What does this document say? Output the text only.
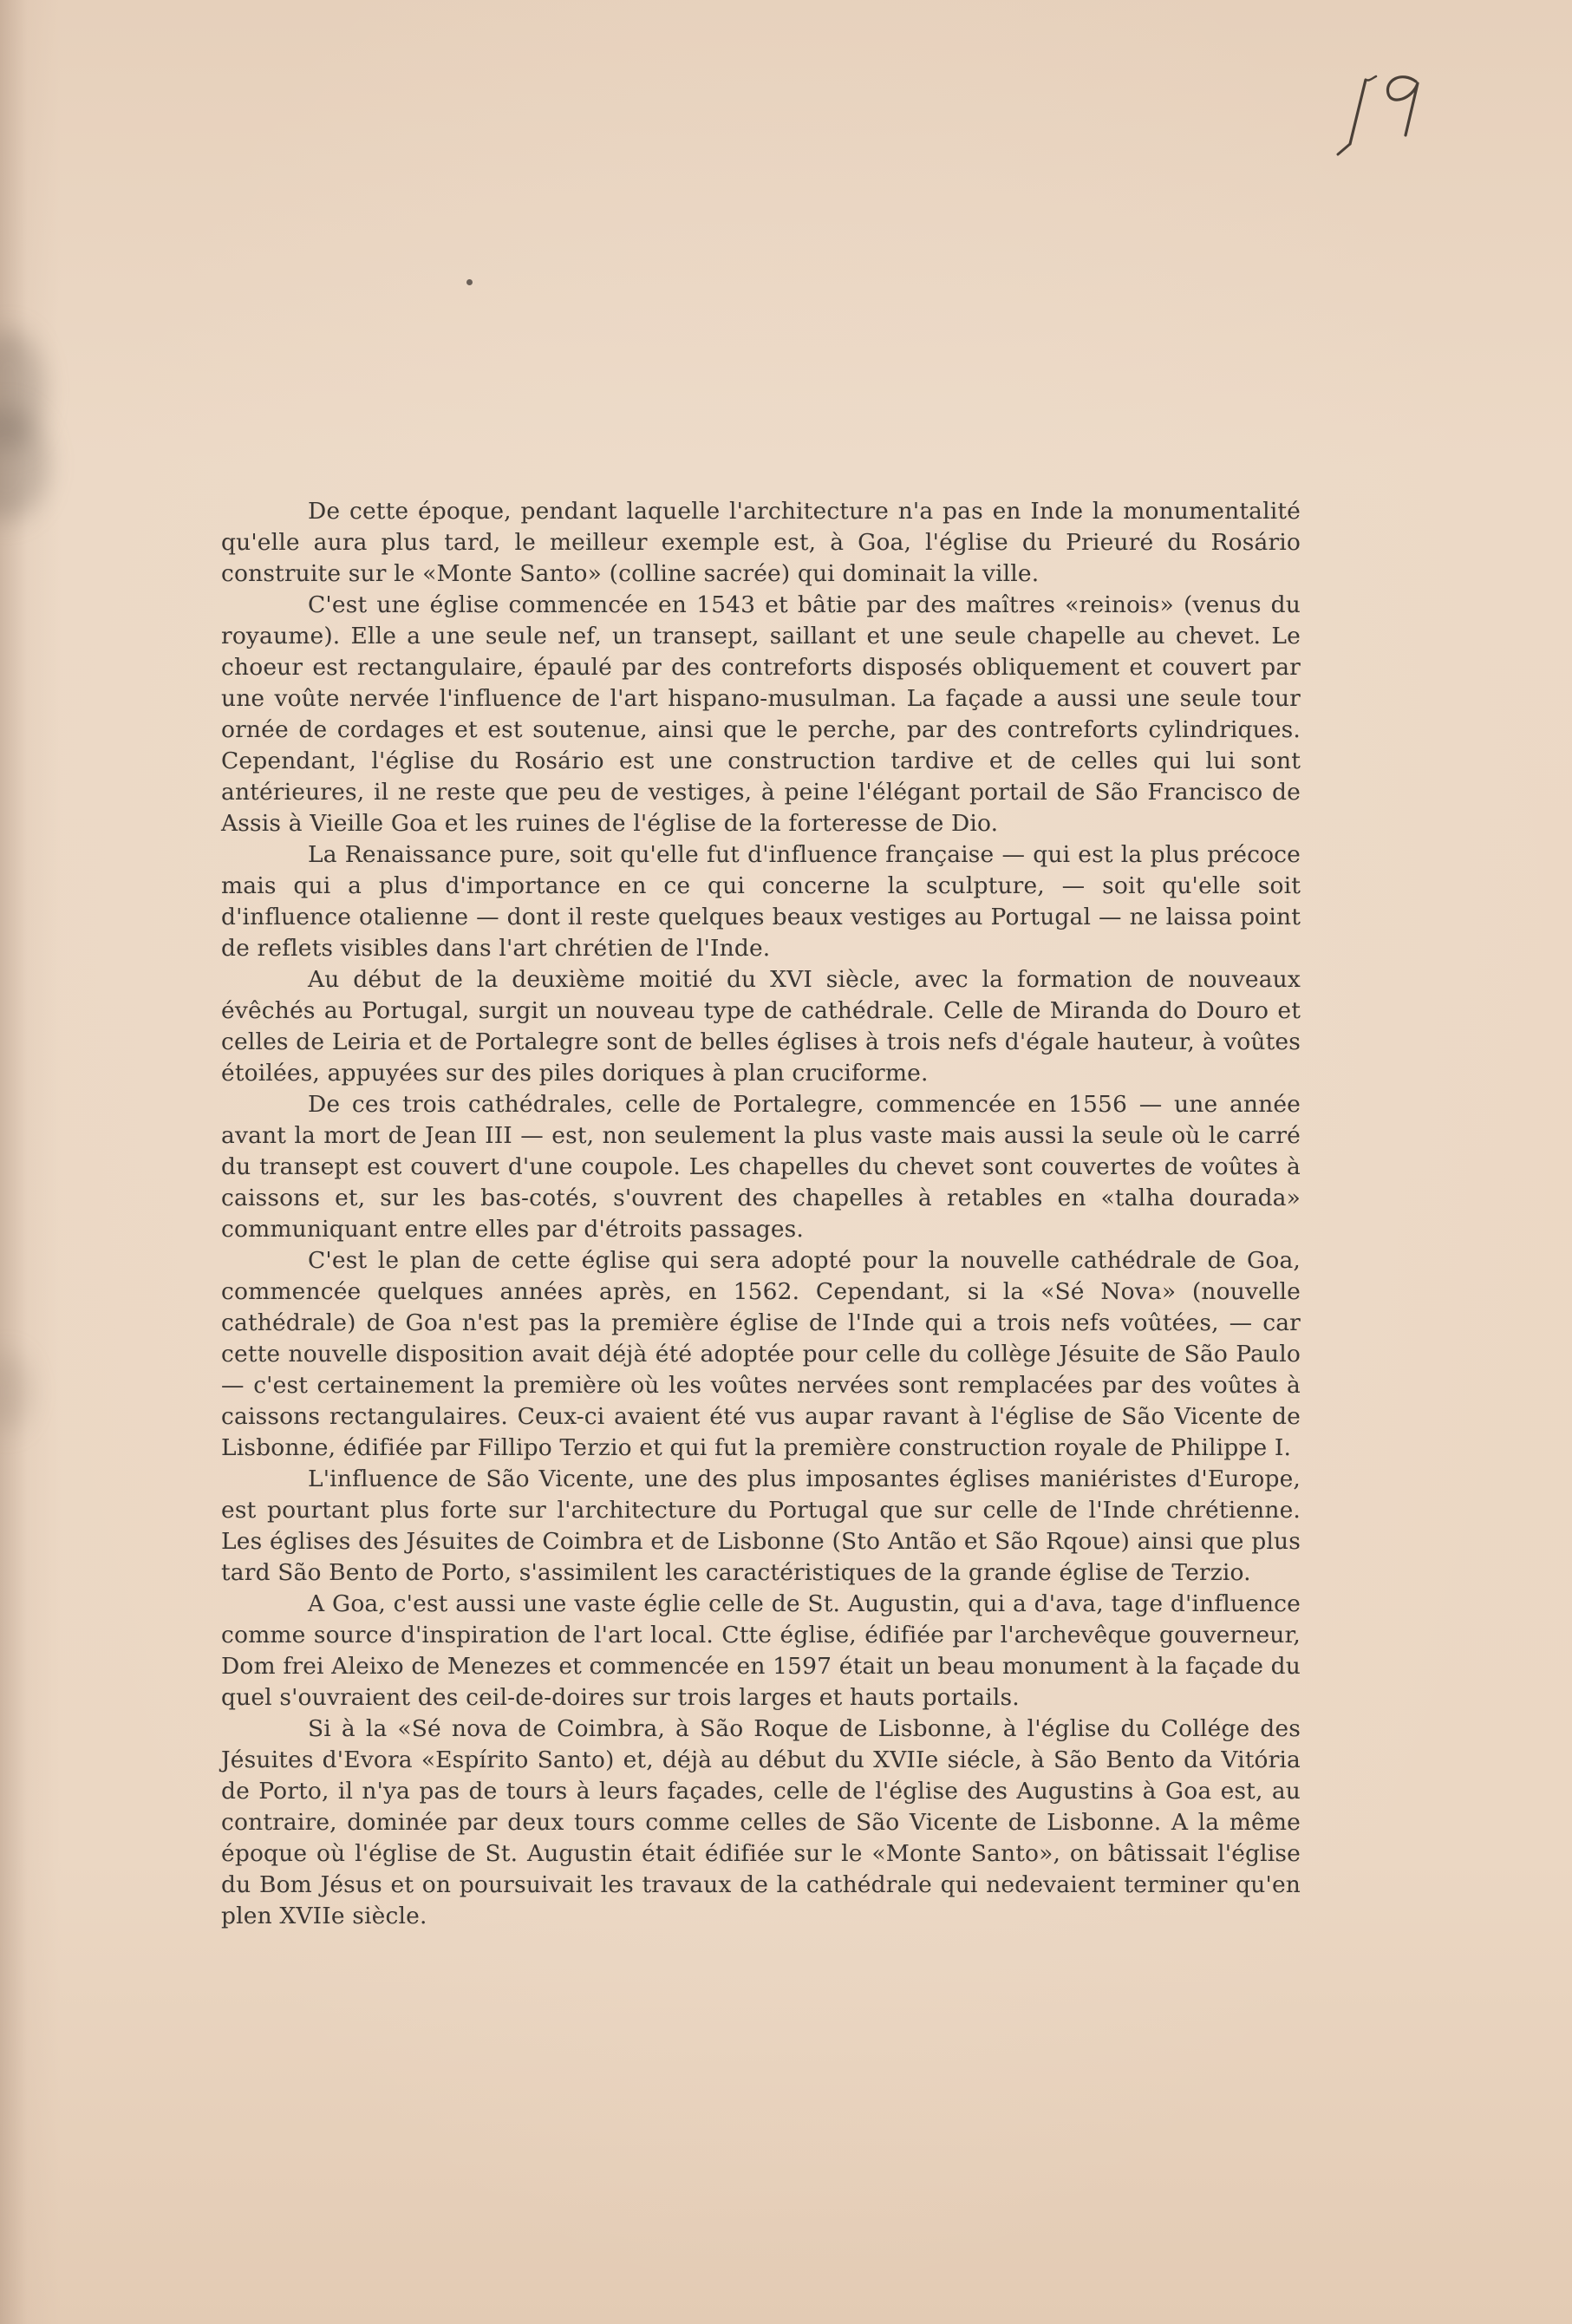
De cette époque, pendant laquelle l'architecture n'a pas en Inde la monumentalité qu'elle aura plus tard, le meilleur exemple est, à Goa, l'église du Prieuré du Rosário construite sur le «Monte Santo» (colline sacrée) qui dominait la ville.

C'est une église commencée en 1543 et bâtie par des maîtres «reinois» (venus du royaume). Elle a une seule nef, un transept, saillant et une seule chapelle au chevet. Le choeur est rectangulaire, épaulé par des contreforts disposés obliquement et couvert par une voûte nervée l'influence de l'art hispano-musulman. La façade a aussi une seule tour ornée de cordages et est soutenue, ainsi que le perche, par des contreforts cylindriques. Cependant, l'église du Rosário est une construction tardive et de celles qui lui sont antérieures, il ne reste que peu de vestiges, à peine l'élégant portail de São Francisco de Assis à Vieille Goa et les ruines de l'église de la forteresse de Dio.

La Renaissance pure, soit qu'elle fut d'influence française — qui est la plus précoce mais qui a plus d'importance en ce qui concerne la sculpture, — soit qu'elle soit d'influence otalienne — dont il reste quelques beaux vestiges au Portugal — ne laissa point de reflets visibles dans l'art chrétien de l'Inde.

Au début de la deuxième moitié du XVI siècle, avec la formation de nouveaux évêchés au Portugal, surgit un nouveau type de cathédrale. Celle de Miranda do Douro et celles de Leiria et de Portalegre sont de belles églises à trois nefs d'égale hauteur, à voûtes étoilées, appuyées sur des piles doriques à plan cruciforme.

De ces trois cathédrales, celle de Portalegre, commencée en 1556 — une année avant la mort de Jean III — est, non seulement la plus vaste mais aussi la seule où le carré du transept est couvert d'une coupole. Les chapelles du chevet sont couvertes de voûtes à caissons et, sur les bas-cotés, s'ouvrent des chapelles à retables en «talha dourada» communiquant entre elles par d'étroits passages.

C'est le plan de cette église qui sera adopté pour la nouvelle cathédrale de Goa, commencée quelques années après, en 1562. Cependant, si la «Sé Nova» (nouvelle cathédrale) de Goa n'est pas la première église de l'Inde qui a trois nefs voûtées, — car cette nouvelle disposition avait déjà été adoptée pour celle du collège Jésuite de São Paulo — c'est certainement la première où les voûtes nervées sont remplacées par des voûtes à caissons rectangulaires. Ceux-ci avaient été vus aupar ravant à l'église de São Vicente de Lisbonne, édifiée par Fillipo Terzio et qui fut la première construction royale de Philippe I.

L'influence de São Vicente, une des plus imposantes églises maniéristes d'Europe, est pourtant plus forte sur l'architecture du Portugal que sur celle de l'Inde chrétienne. Les églises des Jésuites de Coimbra et de Lisbonne (Sto Antão et São Rqoue) ainsi que plus tard São Bento de Porto, s'assimilent les caractéristiques de la grande église de Terzio.

A Goa, c'est aussi une vaste églie celle de St. Augustin, qui a d'ava, tage d'influence comme source d'inspiration de l'art local. Ctte église, édifiée par l'archevêque gouverneur, Dom frei Aleixo de Menezes et commencée en 1597 était un beau monument à la façade du quel s'ouvraient des ceil-de-doires sur trois larges et hauts portails.

Si à la «Sé nova de Coimbra, à São Roque de Lisbonne, à l'église du Collége des Jésuites d'Evora «Espírito Santo) et, déjà au début du XVIIe siécle, à São Bento da Vitória de Porto, il n'ya pas de tours à leurs façades, celle de l'église des Augustins à Goa est, au contraire, dominée par deux tours comme celles de São Vicente de Lisbonne. A la même époque où l'église de St. Augustin était édifiée sur le «Monte Santo», on bâtissait l'église du Bom Jésus et on poursuivait les travaux de la cathédrale qui nedevaient terminer qu'en plen XVIIe siècle.
